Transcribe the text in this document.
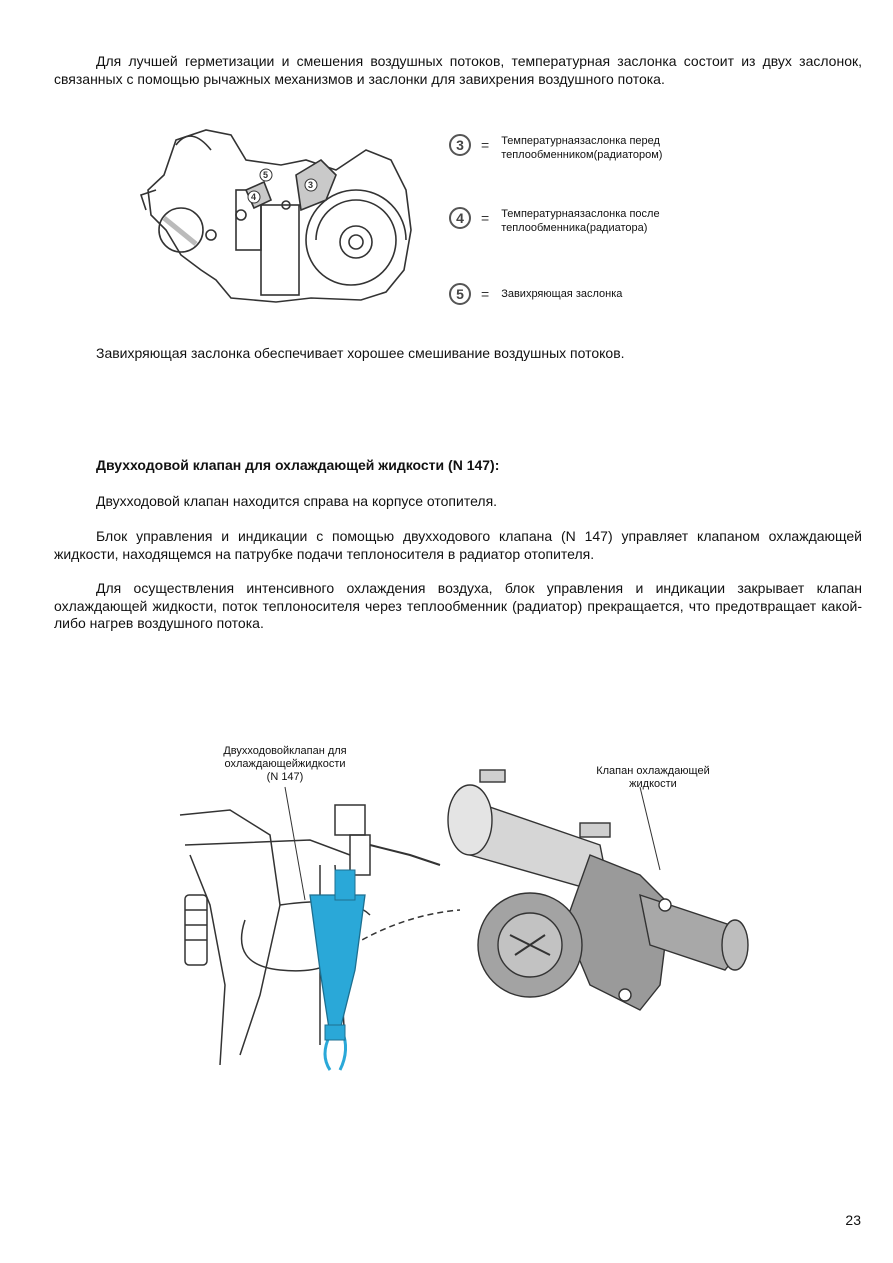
Для лучшей герметизации и смешения воздушных потоков, температурная заслонка состоит из двух заслонок, связанных с помощью рычажных механизмов и заслонки для завихрения воздушного потока.

5
4
3
3	= Температурнаязаслонка перед
теплообменником(радиатором)
4	= Температурнаязаслонка после
теплообменника(радиатора)
5	= Завихряющая заслонка

Завихряющая заслонка обеспечивает хорошее смешивание воздушных потоков.

Двухходовой клапан для охлаждающей жидкости (N 147):

Двухходовой клапан находится справа на корпусе отопителя.

Блок управления и индикации с помощью двухходового клапана (N 147) управляет клапаном охлаждающей жидкости, находящемся на патрубке подачи теплоносителя в радиатор отопителя.

Для осуществления интенсивного охлаждения воздуха, блок управления и индикации закрывает клапан охлаждающей жидкости, поток теплоносителя через теплообменник (радиатор) прекращается, что предотвращает какой-либо нагрев воздушного потока.

Двухходовойклапан для
охлаждающейжидкости
(N 147)	Клапан охлаждающей
жидкости
23
